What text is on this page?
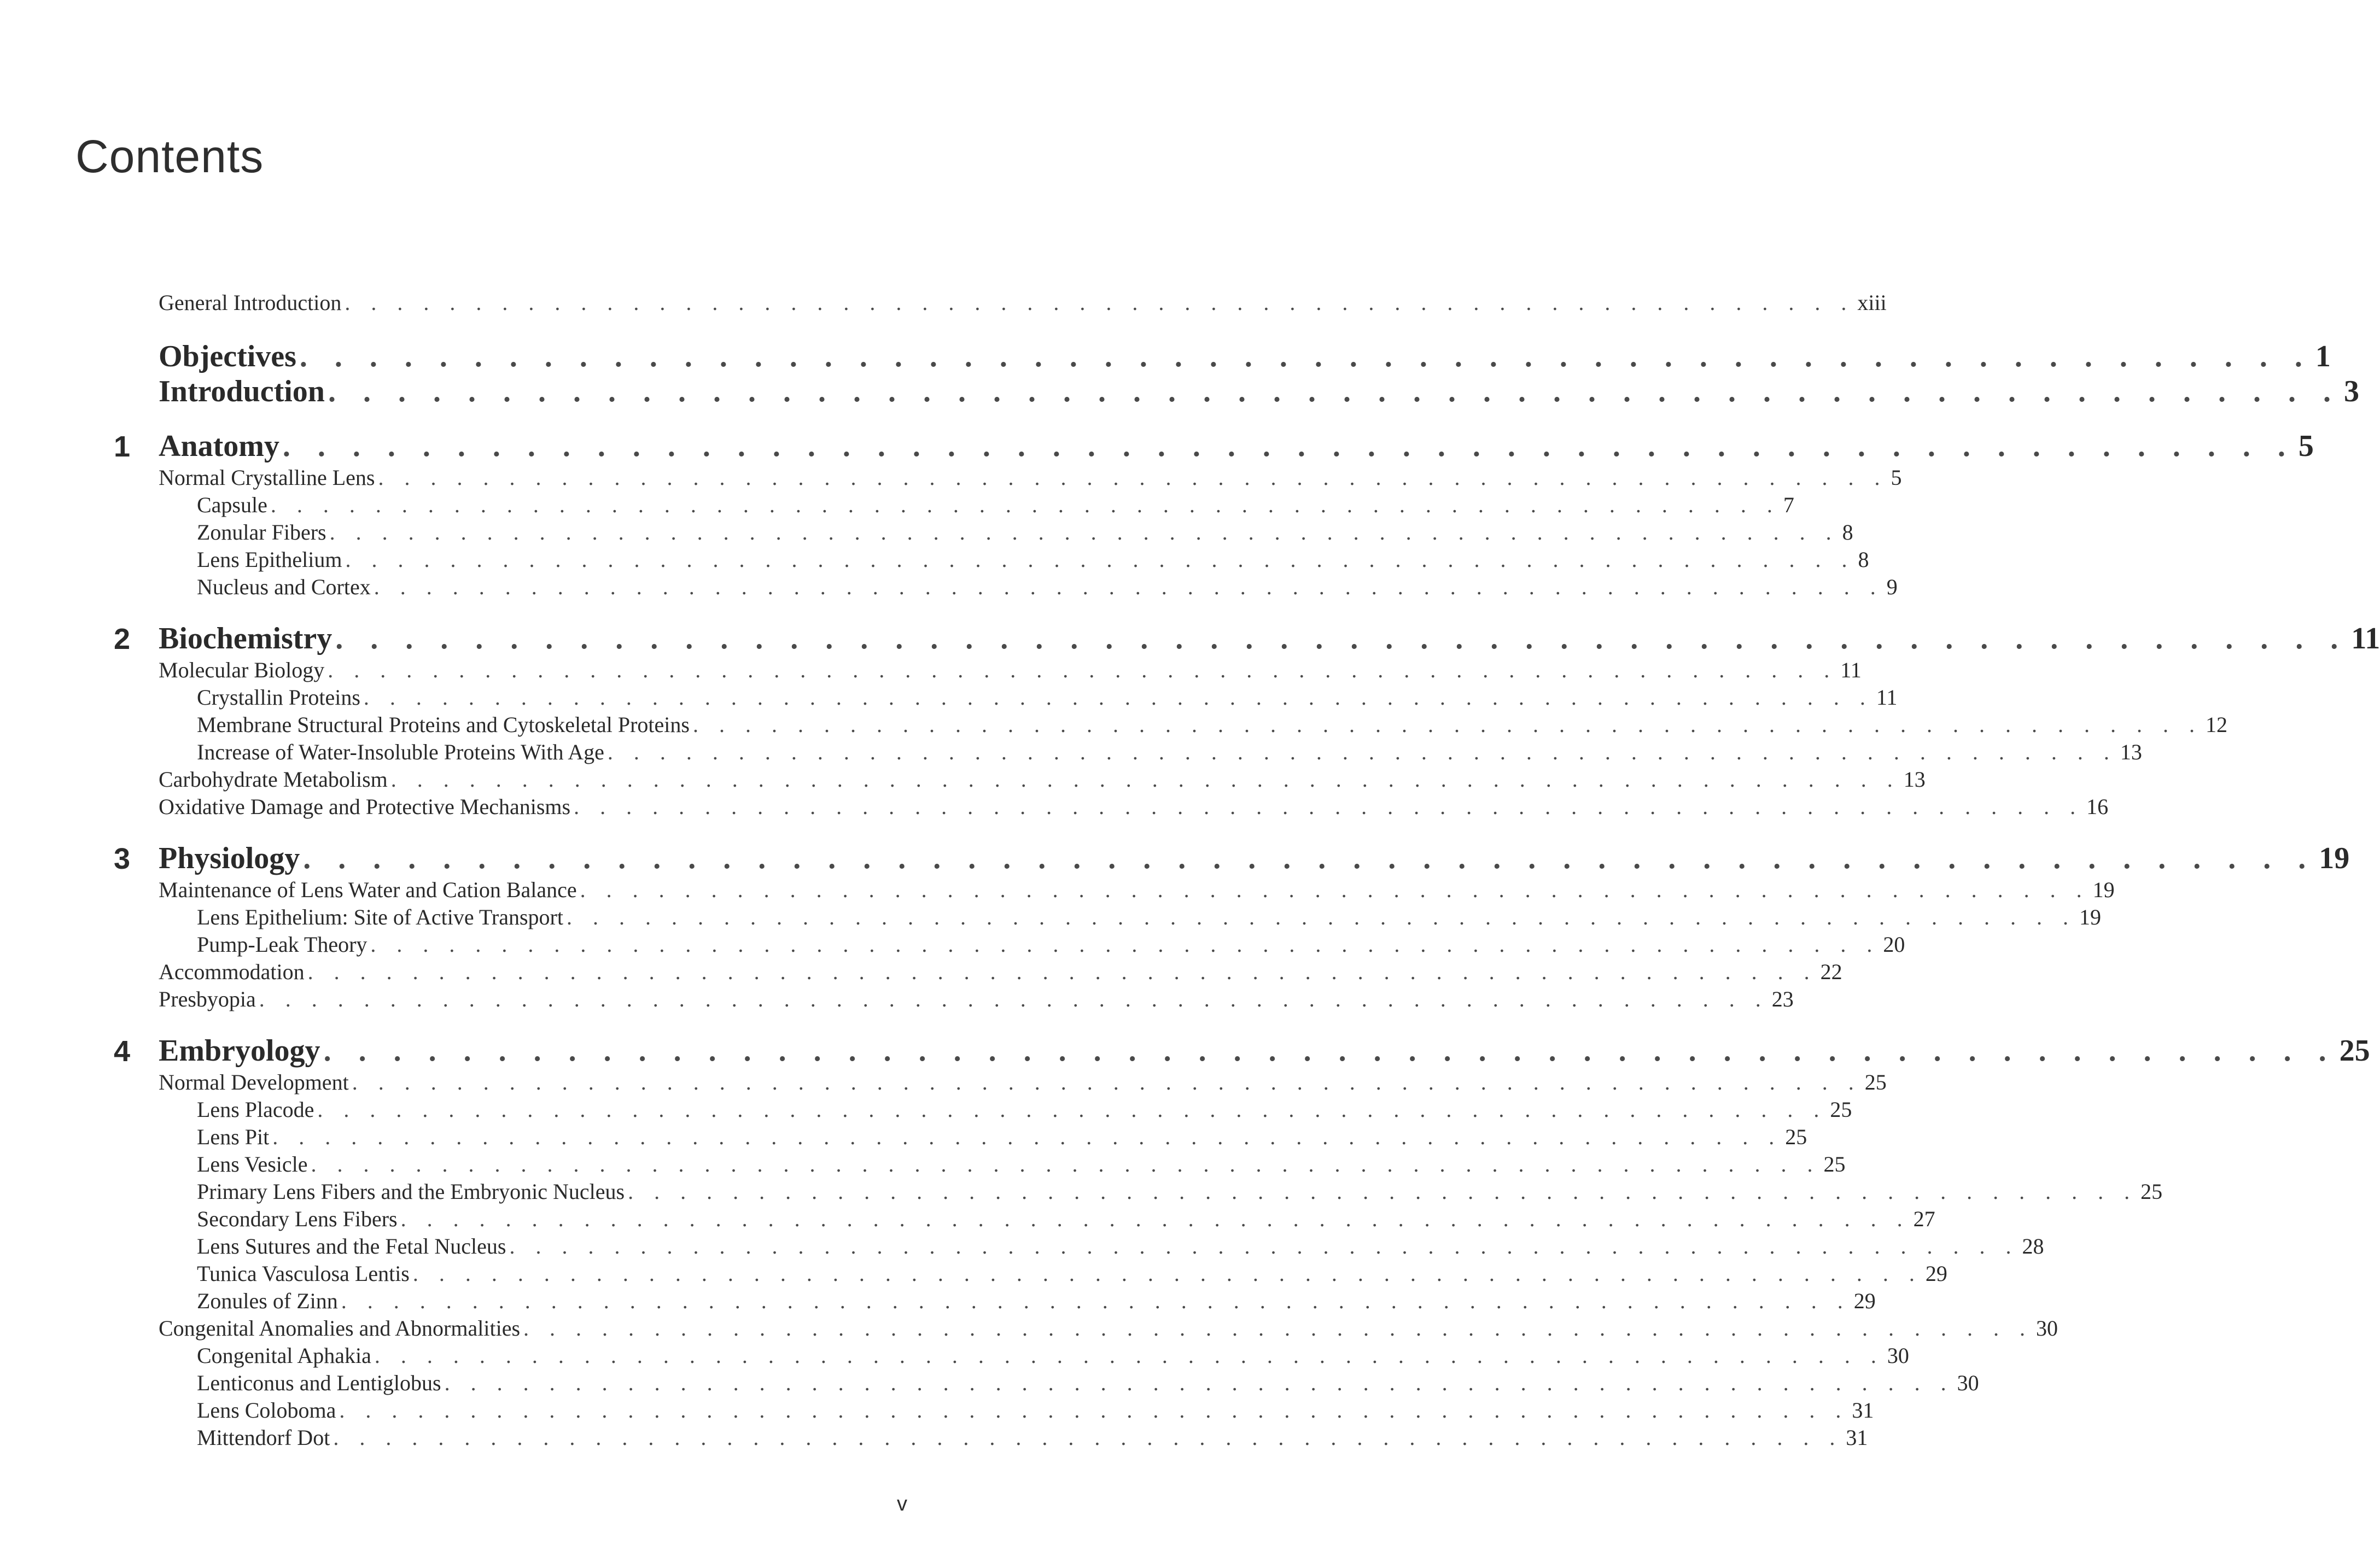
Contents
General Introduction . . . . . . . . . . . . . . . . . . . . . . . . . . . . . . . . . . . . . . . . . . . . . . . . . . . . . . . . . . xiii
Objectives . . . . . . . . . . . . . . . . . . . . . . . . . . . . . . . . . . . . . . . . . . . . . . . . . . . . . . . . . . 1
Introduction . . . . . . . . . . . . . . . . . . . . . . . . . . . . . . . . . . . . . . . . . . . . . . . . . . . . . . . . . . 3
1 Anatomy . . . . . . . . . . . . . . . . . . . . . . . . . . . . . . . . . . . . . . . . . . . . . . . . . . . . . . . . . . 5
Normal Crystalline Lens . . . . . . . . . . . . . . . . . . . . . . . . . . . . . . . . . . . . . . . . . . . . . . . . . . . . . . . . . . 5
Capsule . . . . . . . . . . . . . . . . . . . . . . . . . . . . . . . . . . . . . . . . . . . . . . . . . . . . . . . . . . 7
Zonular Fibers . . . . . . . . . . . . . . . . . . . . . . . . . . . . . . . . . . . . . . . . . . . . . . . . . . . . . . . . . . 8
Lens Epithelium . . . . . . . . . . . . . . . . . . . . . . . . . . . . . . . . . . . . . . . . . . . . . . . . . . . . . . . . . . 8
Nucleus and Cortex . . . . . . . . . . . . . . . . . . . . . . . . . . . . . . . . . . . . . . . . . . . . . . . . . . . . . . . . . . 9
2 Biochemistry . . . . . . . . . . . . . . . . . . . . . . . . . . . . . . . . . . . . . . . . . . . . . . . . . . . . . . . . . . 11
Molecular Biology . . . . . . . . . . . . . . . . . . . . . . . . . . . . . . . . . . . . . . . . . . . . . . . . . . . . . . . . . . 11
Crystallin Proteins . . . . . . . . . . . . . . . . . . . . . . . . . . . . . . . . . . . . . . . . . . . . . . . . . . . . . . . . . . 11
Membrane Structural Proteins and Cytoskeletal Proteins . . . . . . . . . . . . . . . . . . . . . . . . . . . . . . . . . . . . . . . . . . . . . . . . . . . . . . . . . . 12
Increase of Water-Insoluble Proteins With Age . . . . . . . . . . . . . . . . . . . . . . . . . . . . . . . . . . . . . . . . . . . . . . . . . . . . . . . . . . 13
Carbohydrate Metabolism . . . . . . . . . . . . . . . . . . . . . . . . . . . . . . . . . . . . . . . . . . . . . . . . . . . . . . . . . . 13
Oxidative Damage and Protective Mechanisms . . . . . . . . . . . . . . . . . . . . . . . . . . . . . . . . . . . . . . . . . . . . . . . . . . . . . . . . . . 16
3 Physiology . . . . . . . . . . . . . . . . . . . . . . . . . . . . . . . . . . . . . . . . . . . . . . . . . . . . . . . . . . 19
Maintenance of Lens Water and Cation Balance . . . . . . . . . . . . . . . . . . . . . . . . . . . . . . . . . . . . . . . . . . . . . . . . . . . . . . . . . . 19
Lens Epithelium: Site of Active Transport . . . . . . . . . . . . . . . . . . . . . . . . . . . . . . . . . . . . . . . . . . . . . . . . . . . . . . . . . . 19
Pump-Leak Theory . . . . . . . . . . . . . . . . . . . . . . . . . . . . . . . . . . . . . . . . . . . . . . . . . . . . . . . . . . 20
Accommodation . . . . . . . . . . . . . . . . . . . . . . . . . . . . . . . . . . . . . . . . . . . . . . . . . . . . . . . . . . 22
Presbyopia . . . . . . . . . . . . . . . . . . . . . . . . . . . . . . . . . . . . . . . . . . . . . . . . . . . . . . . . . . 23
4 Embryology . . . . . . . . . . . . . . . . . . . . . . . . . . . . . . . . . . . . . . . . . . . . . . . . . . . . . . . . . . 25
Normal Development . . . . . . . . . . . . . . . . . . . . . . . . . . . . . . . . . . . . . . . . . . . . . . . . . . . . . . . . . . 25
Lens Placode . . . . . . . . . . . . . . . . . . . . . . . . . . . . . . . . . . . . . . . . . . . . . . . . . . . . . . . . . . 25
Lens Pit . . . . . . . . . . . . . . . . . . . . . . . . . . . . . . . . . . . . . . . . . . . . . . . . . . . . . . . . . . 25
Lens Vesicle . . . . . . . . . . . . . . . . . . . . . . . . . . . . . . . . . . . . . . . . . . . . . . . . . . . . . . . . . . 25
Primary Lens Fibers and the Embryonic Nucleus . . . . . . . . . . . . . . . . . . . . . . . . . . . . . . . . . . . . . . . . . . . . . . . . . . . . . . . . . . 25
Secondary Lens Fibers . . . . . . . . . . . . . . . . . . . . . . . . . . . . . . . . . . . . . . . . . . . . . . . . . . . . . . . . . . 27
Lens Sutures and the Fetal Nucleus . . . . . . . . . . . . . . . . . . . . . . . . . . . . . . . . . . . . . . . . . . . . . . . . . . . . . . . . . . 28
Tunica Vasculosa Lentis . . . . . . . . . . . . . . . . . . . . . . . . . . . . . . . . . . . . . . . . . . . . . . . . . . . . . . . . . . 29
Zonules of Zinn . . . . . . . . . . . . . . . . . . . . . . . . . . . . . . . . . . . . . . . . . . . . . . . . . . . . . . . . . . 29
Congenital Anomalies and Abnormalities . . . . . . . . . . . . . . . . . . . . . . . . . . . . . . . . . . . . . . . . . . . . . . . . . . . . . . . . . . 30
Congenital Aphakia . . . . . . . . . . . . . . . . . . . . . . . . . . . . . . . . . . . . . . . . . . . . . . . . . . . . . . . . . . 30
Lenticonus and Lentiglobus . . . . . . . . . . . . . . . . . . . . . . . . . . . . . . . . . . . . . . . . . . . . . . . . . . . . . . . . . . 30
Lens Coloboma . . . . . . . . . . . . . . . . . . . . . . . . . . . . . . . . . . . . . . . . . . . . . . . . . . . . . . . . . . 31
Mittendorf Dot . . . . . . . . . . . . . . . . . . . . . . . . . . . . . . . . . . . . . . . . . . . . . . . . . . . . . . . . . . 31
v
